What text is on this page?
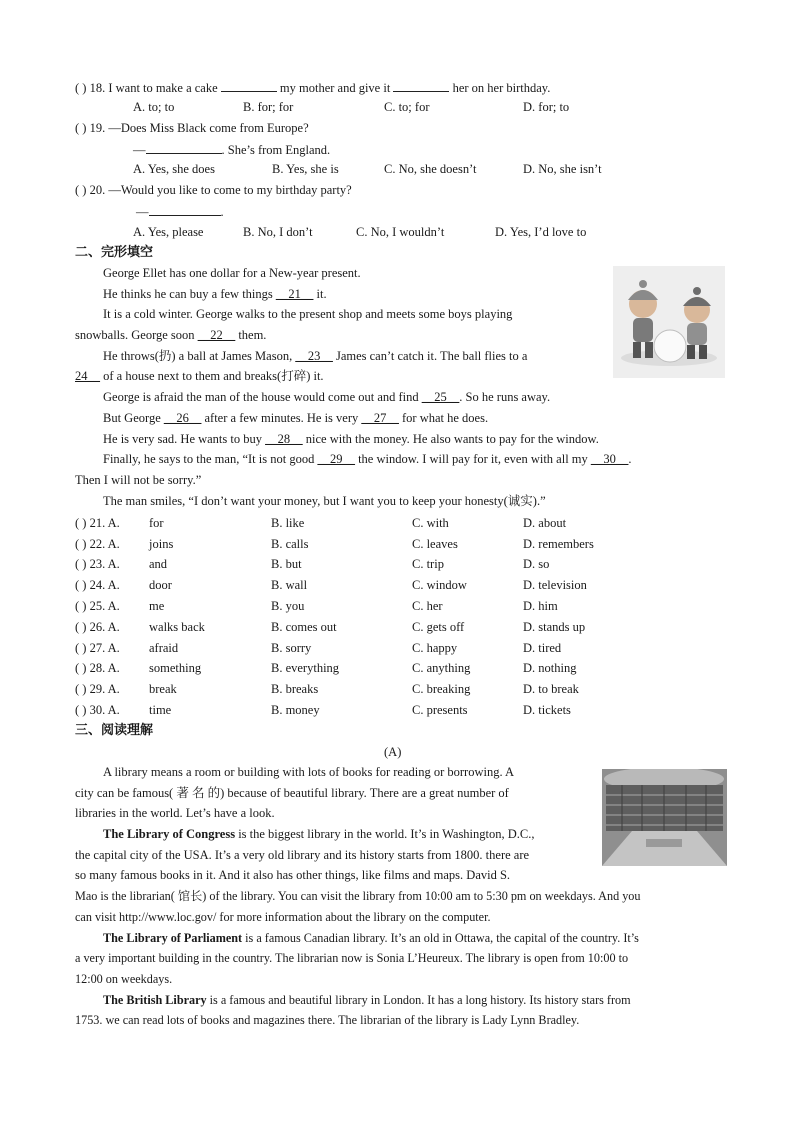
( ) 18. I want to make a cake	my mother and give it	her on her birthday.
A. to; to	B. for; for	C. to; for	D. for; to
( ) 19. —Does Miss Black come from Europe?
—	. She’s from England.
A. Yes, she does	B. Yes, she is	C. No, she doesn’t	D. No, she isn’t
( ) 20. —Would you like to come to my birthday party?
—	.
A. Yes, please	B. No, I don’t	C. No, I wouldn’t	D. Yes, I’d love to
二、完形填空
George Ellet has one dollar for a New-year present.
He thinks he can buy a few things __21__ it.
It is a cold winter. George walks to the present shop and meets some boys playing
snowballs. George soon __22__ them.
He throws(扔) a ball at James Mason, __23__ James can’t catch it. The ball flies to a
24__ of a house next to them and breaks(打碎) it.
George is afraid the man of the house would come out and find __25__. So he runs away.
But George __26__ after a few minutes. He is very __27__ for what he does.
He is very sad. He wants to buy __28__ nice with the money. He also wants to pay for the window.
Finally, he says to the man, “It is not good __29__ the window. I will pay for it, even with all my __30__.
Then I will not be sorry.”
The man smiles, “I don’t want your money, but I want you to keep your honesty(诚实).”
( ) 21. A. for	B. like	C. with	D. about
( ) 22. A. joins	B. calls	C. leaves	D. remembers
( ) 23. A. and	B. but	C. trip	D. so
( ) 24. A. door	B. wall	C. window	D. television
( ) 25. A. me	B. you	C. her	D. him
( ) 26. A. walks back	B. comes out	C. gets off	D. stands up
( ) 27. A. afraid	B. sorry	C. happy	D. tired
( ) 28. A. something	B. everything	C. anything	D. nothing
( ) 29. A. break	B. breaks	C. breaking	D. to break
( ) 30. A. time	B. money	C. presents	D. tickets
三、阅读理解
(A)
A library means a room or building with lots of books for reading or borrowing. A
city can be famous( 著 名 的) because of beautiful library. There are a great number of
libraries in the world. Let’s have a look.
The Library of Congress is the biggest library in the world. It’s in Washington, D.C.,
the capital city of the USA. It’s a very old library and its history starts from 1800. there are
so many famous books in it. And it also has other things, like films and maps. David S.
Mao is the librarian( 馆长) of the library. You can visit the library from 10:00 am to 5:30 pm on weekdays. And you
can visit http://www.loc.gov/ for more information about the library on the computer.
The Library of Parliament is a famous Canadian library. It’s an old in Ottawa, the capital of the country. It’s
a very important building in the country. The librarian now is Sonia L’Heureux. The library is open from 10:00 to
12:00 on weekdays.
The British Library is a famous and beautiful library in London. It has a long history. Its history stars from
1753. we can read lots of books and magazines there. The librarian of the library is Lady Lynn Bradley.
